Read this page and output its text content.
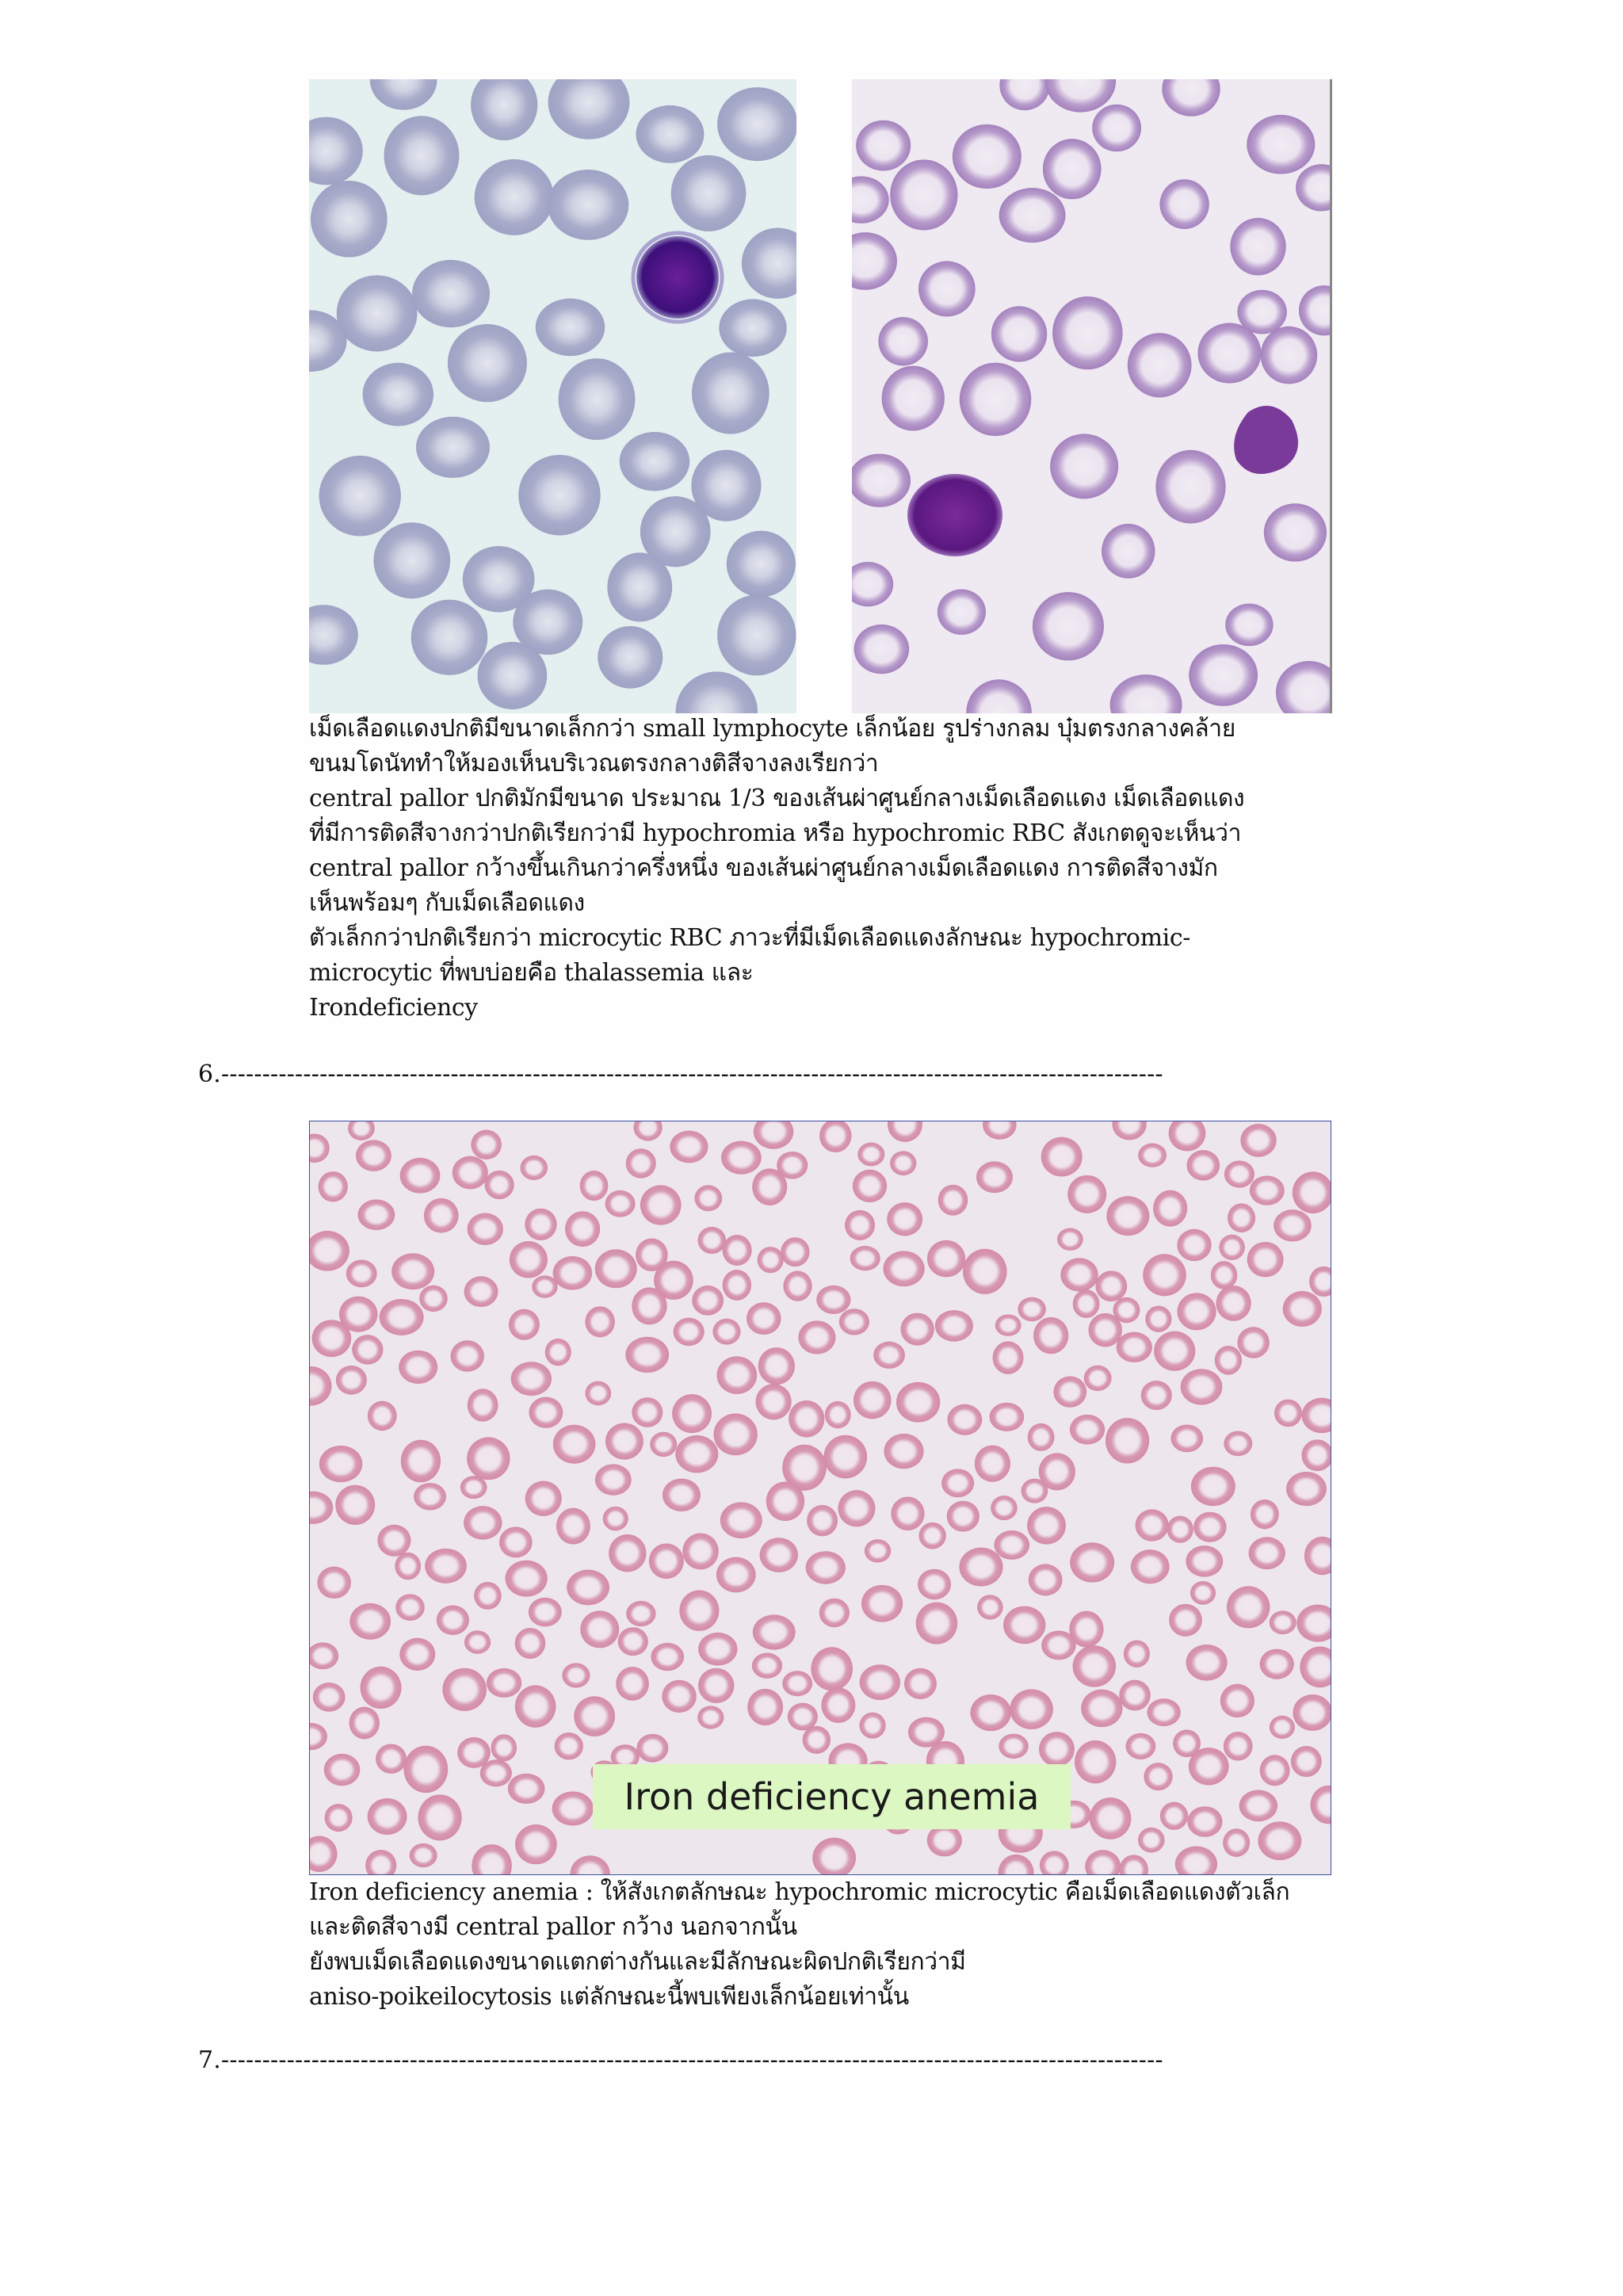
เม็ดเลือดแดงปกติมีขนาดเล็กกว่า small lymphocyte เล็กน้อย รูปร่างกลม บุ๋มตรงกลางคล้าย
ขนมโดนัททำให้มองเห็นบริเวณตรงกลางติสีจางลงเรียกว่า
central pallor ปกติมักมีขนาด ประมาณ 1/3 ของเส้นผ่าศูนย์กลางเม็ดเลือดแดง เม็ดเลือดแดง
ที่มีการติดสีจางกว่าปกติเรียกว่ามี hypochromia หรือ hypochromic RBC สังเกตดูจะเห็นว่า
central pallor กว้างขึ้นเกินกว่าครึ่งหนึ่ง ของเส้นผ่าศูนย์กลางเม็ดเลือดแดง การติดสีจางมัก
เห็นพร้อมๆ กับเม็ดเลือดแดง
ตัวเล็กกว่าปกติเรียกว่า microcytic RBC ภาวะที่มีเม็ดเลือดแดงลักษณะ hypochromic-
microcytic ที่พบบ่อยคือ thalassemia และ
Irondeficiency
6.-------------------------------------------------------------------------------------------------------------------
Iron deficiency anemia
Iron deficiency anemia : ให้สังเกตลักษณะ hypochromic microcytic คือเม็ดเลือดแดงตัวเล็ก
และติดสีจางมี central pallor กว้าง นอกจากนั้น
ยังพบเม็ดเลือดแดงขนาดแตกต่างกันและมีลักษณะผิดปกติเรียกว่ามี
aniso-poikeilocytosis แต่ลักษณะนี้พบเพียงเล็กน้อยเท่านั้น
7.-------------------------------------------------------------------------------------------------------------------
